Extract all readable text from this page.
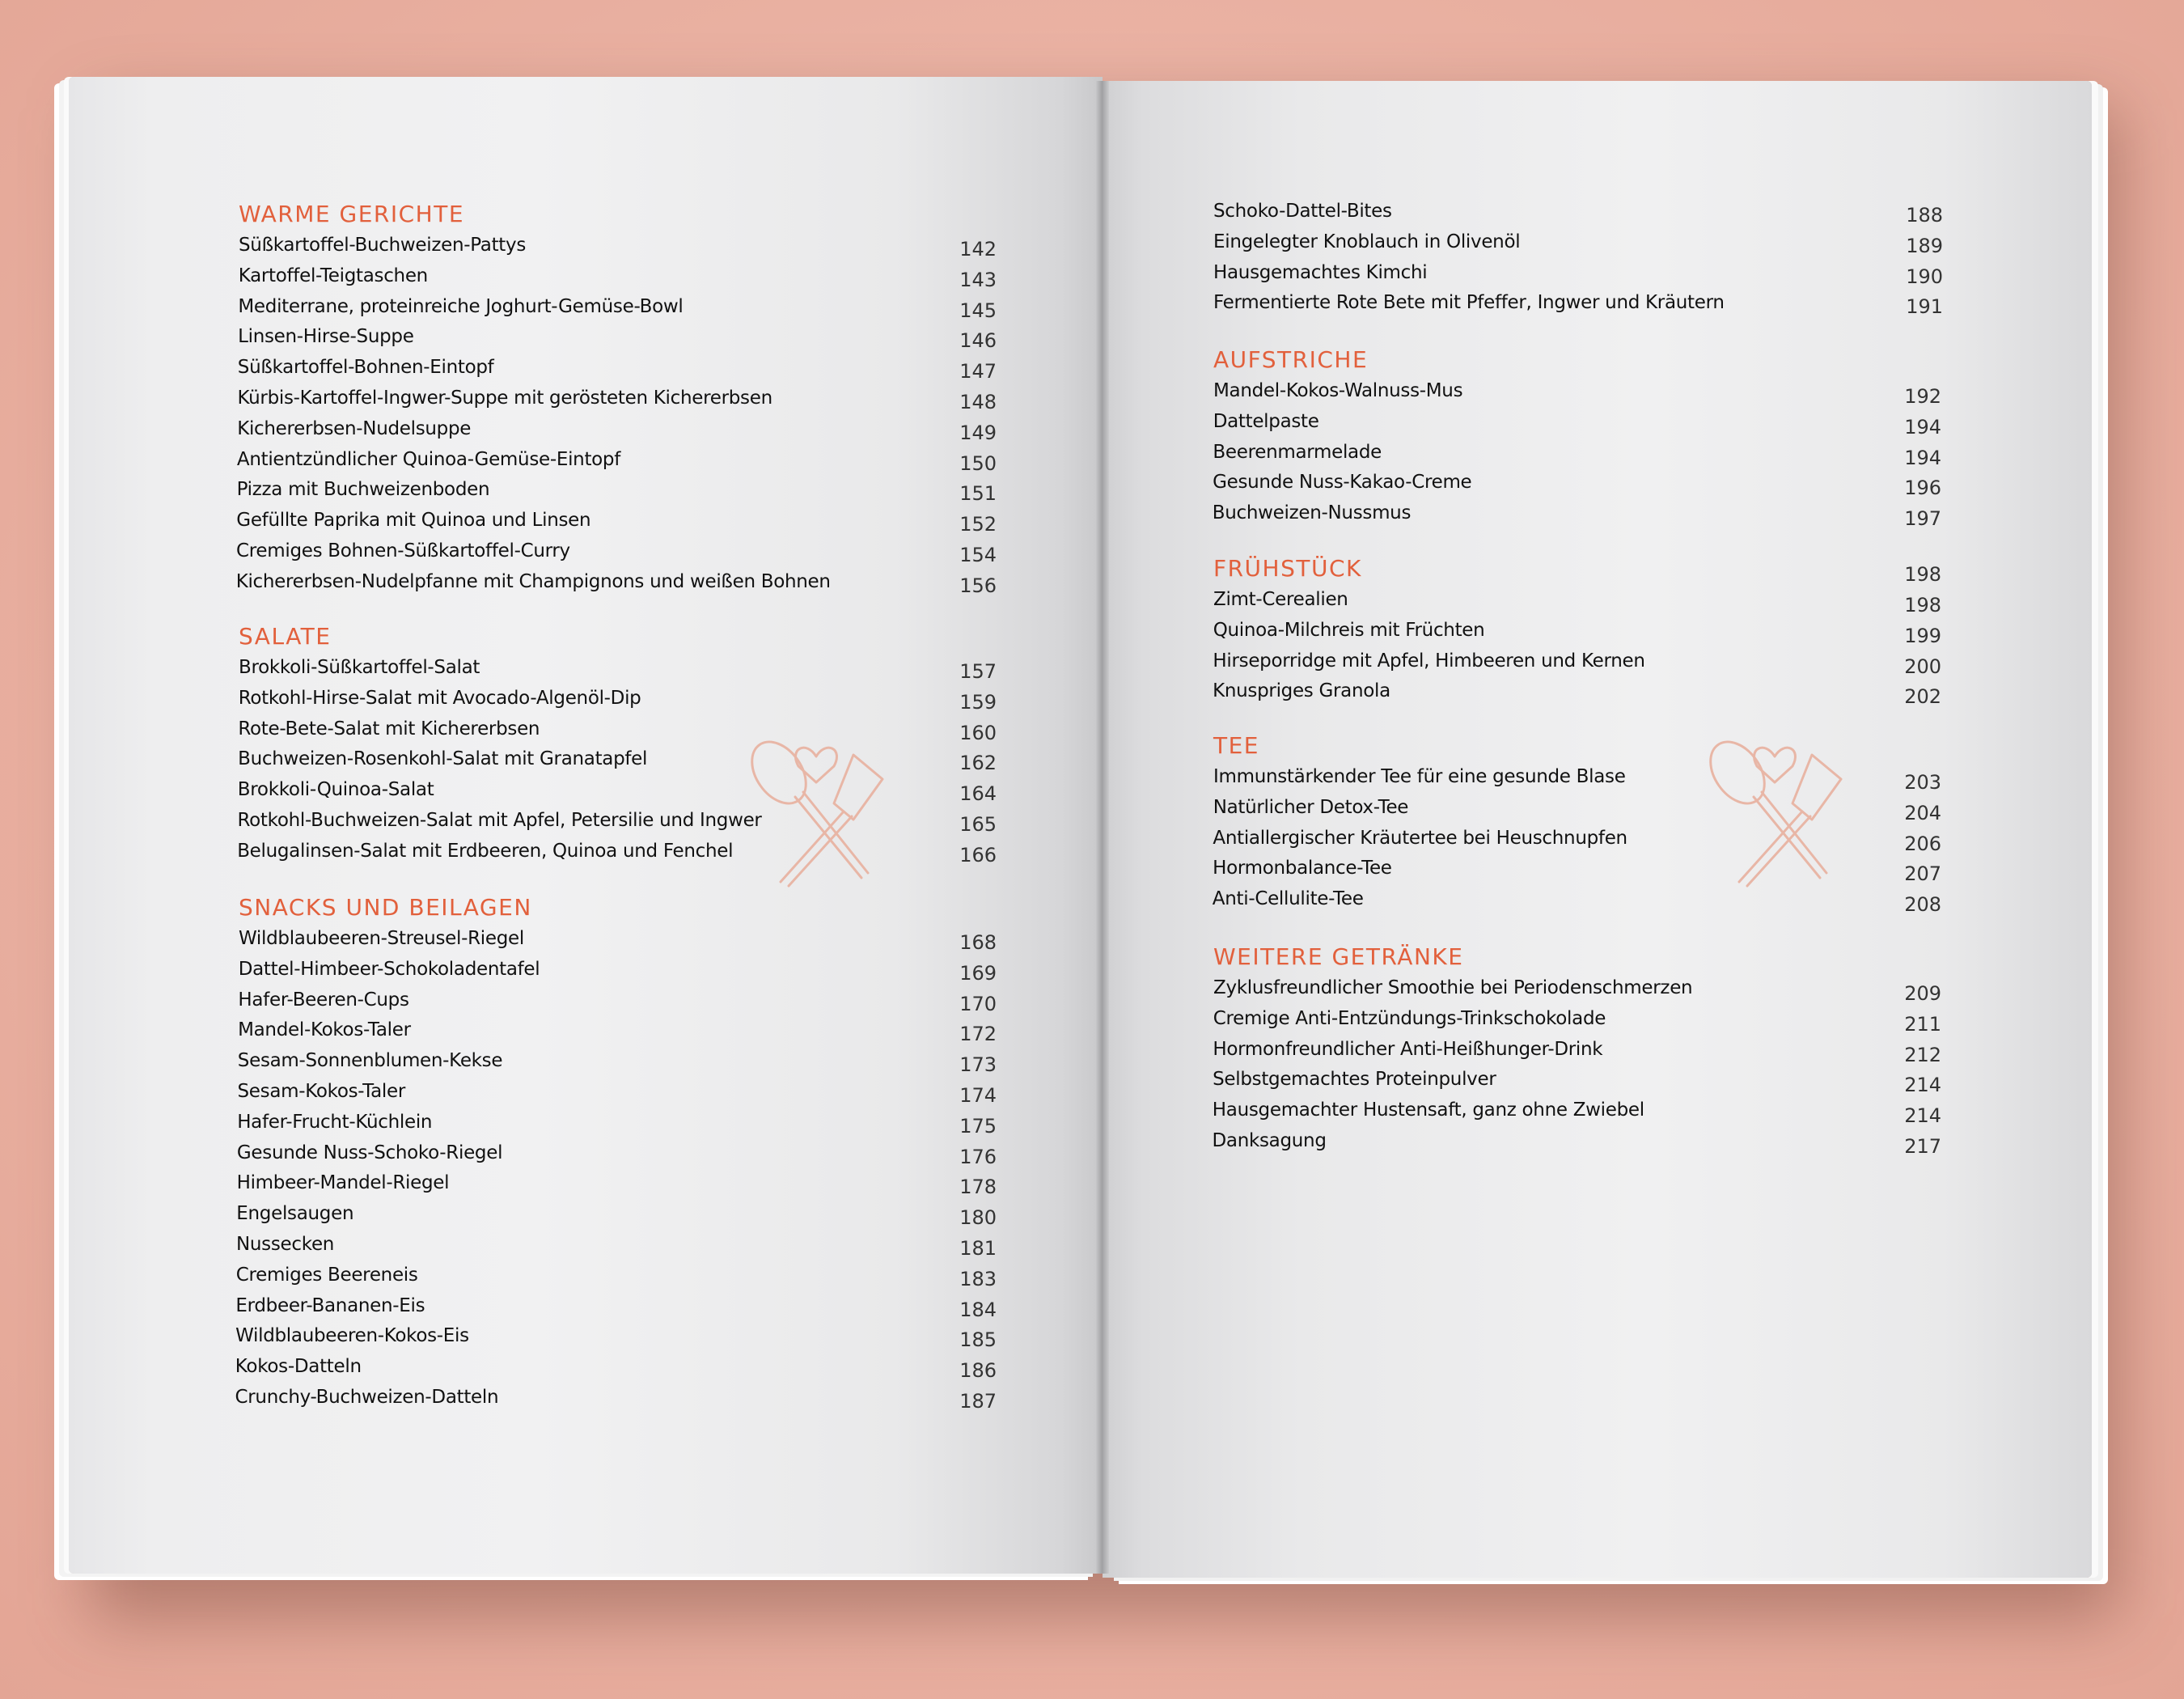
WARME GERICHTE
Süßkartoffel-Buchweizen-Pattys	142
Kartoffel-Teigtaschen	143
Mediterrane, proteinreiche Joghurt-Gemüse-Bowl	145
Linsen-Hirse-Suppe	146
Süßkartoffel-Bohnen-Eintopf	147
Kürbis-Kartoffel-Ingwer-Suppe mit gerösteten Kichererbsen	148
Kichererbsen-Nudelsuppe	149
Antientzündlicher Quinoa-Gemüse-Eintopf	150
Pizza mit Buchweizenboden	151
Gefüllte Paprika mit Quinoa und Linsen	152
Cremiges Bohnen-Süßkartoffel-Curry	154
Kichererbsen-Nudelpfanne mit Champignons und weißen Bohnen	156
SALATE
Brokkoli-Süßkartoffel-Salat	157
Rotkohl-Hirse-Salat mit Avocado-Algenöl-Dip	159
Rote-Bete-Salat mit Kichererbsen	160
Buchweizen-Rosenkohl-Salat mit Granatapfel	162
Brokkoli-Quinoa-Salat	164
Rotkohl-Buchweizen-Salat mit Apfel, Petersilie und Ingwer	165
Belugalinsen-Salat mit Erdbeeren, Quinoa und Fenchel	166
SNACKS UND BEILAGEN
Wildblaubeeren-Streusel-Riegel	168
Dattel-Himbeer-Schokoladentafel	169
Hafer-Beeren-Cups	170
Mandel-Kokos-Taler	172
Sesam-Sonnenblumen-Kekse	173
Sesam-Kokos-Taler	174
Hafer-Frucht-Küchlein	175
Gesunde Nuss-Schoko-Riegel	176
Himbeer-Mandel-Riegel	178
Engelsaugen	180
Nussecken	181
Cremiges Beereneis	183
Erdbeer-Bananen-Eis	184
Wildblaubeeren-Kokos-Eis	185
Kokos-Datteln	186
Crunchy-Buchweizen-Datteln	187
Schoko-Dattel-Bites	188
Eingelegter Knoblauch in Olivenöl	189
Hausgemachtes Kimchi	190
Fermentierte Rote Bete mit Pfeffer, Ingwer und Kräutern	191
AUFSTRICHE
Mandel-Kokos-Walnuss-Mus	192
Dattelpaste	194
Beerenmarmelade	194
Gesunde Nuss-Kakao-Creme	196
Buchweizen-Nussmus	197
FRÜHSTÜCK	198
Zimt-Cerealien	198
Quinoa-Milchreis mit Früchten	199
Hirseporridge mit Apfel, Himbeeren und Kernen	200
Knuspriges Granola	202
TEE
Immunstärkender Tee für eine gesunde Blase	203
Natürlicher Detox-Tee	204
Antiallergischer Kräutertee bei Heuschnupfen	206
Hormonbalance-Tee	207
Anti-Cellulite-Tee	208
WEITERE GETRÄNKE
Zyklusfreundlicher Smoothie bei Periodenschmerzen	209
Cremige Anti-Entzündungs-Trinkschokolade	211
Hormonfreundlicher Anti-Heißhunger-Drink	212
Selbstgemachtes Proteinpulver	214
Hausgemachter Hustensaft, ganz ohne Zwiebel	214
Danksagung	217
